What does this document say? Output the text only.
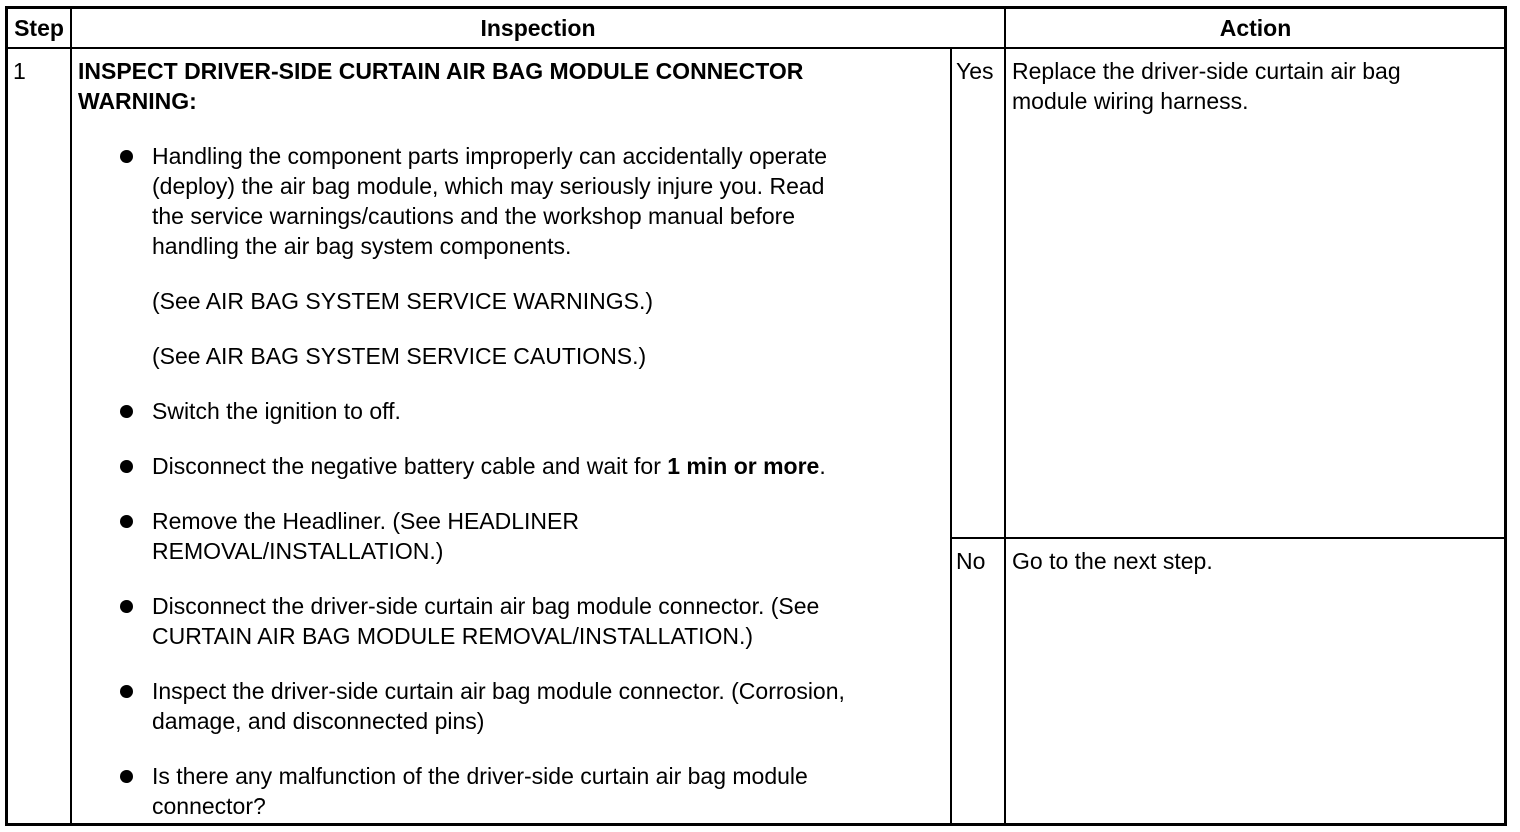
Step	Inspection	Action
1 INSPECT DRIVER-SIDE CURTAIN AIR BAG MODULE CONNECTOR
WARNING:
Handling the component parts improperly can accidentally operate
(deploy) the air bag module, which may seriously injure you. Read
the service warnings/cautions and the workshop manual before
handling the air bag system components.
(See AIR BAG SYSTEM SERVICE WARNINGS.)
(See AIR BAG SYSTEM SERVICE CAUTIONS.)
Switch the ignition to off.
Disconnect the negative battery cable and wait for 1 min or more.
Remove the Headliner. (See HEADLINER
REMOVAL/INSTALLATION.)
Disconnect the driver-side curtain air bag module connector. (See
CURTAIN AIR BAG MODULE REMOVAL/INSTALLATION.)
Inspect the driver-side curtain air bag module connector. (Corrosion,
damage, and disconnected pins)
Is there any malfunction of the driver-side curtain air bag module
connector?
Yes Replace the driver-side curtain air bag
module wiring harness.
No Go to the next step.
